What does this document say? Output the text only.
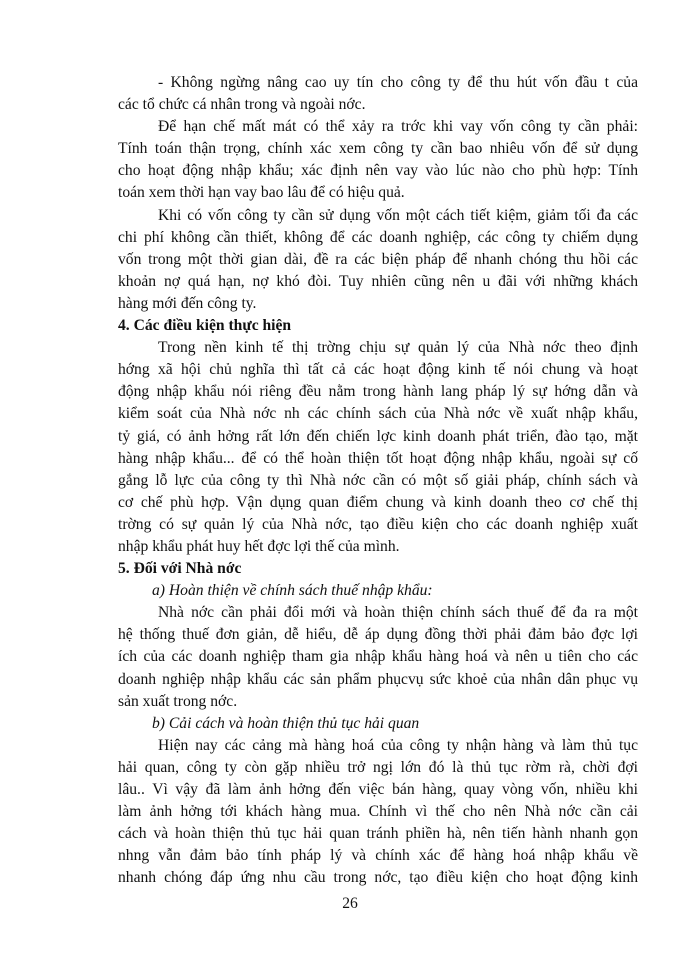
- Không ngừng nâng cao uy tín cho công ty để thu hút vốn đầu t của
các tổ chức cá nhân trong và ngoài nớc.
Để hạn chế mất mát có thể xảy ra trớc khi vay vốn công ty cần phải:
Tính toán thận trọng, chính xác xem công ty cần bao nhiêu vốn để sử dụng
cho hoạt động nhập khẩu; xác định nên vay vào lúc nào cho phù hợp: Tính
toán xem thời hạn vay bao lâu để có hiệu quả.
Khi có vốn công ty cần sử dụng vốn một cách tiết kiệm, giảm tối đa các
chi phí không cần thiết, không để các doanh nghiệp, các công ty chiếm dụng
vốn trong một thời gian dài, đề ra các biện pháp để nhanh chóng thu hồi các
khoản nợ quá hạn, nợ khó đòi. Tuy nhiên cũng nên u đãi với những khách
hàng mới đến công ty.
4. Các điều kiện thực hiện
Trong nền kinh tế thị trờng chịu sự quản lý của Nhà nớc theo định
hớng xã hội chủ nghĩa thì tất cả các hoạt động kinh tế nói chung và hoạt
động nhập khẩu nói riêng đều nằm trong hành lang pháp lý sự hớng dẫn và
kiểm soát của Nhà nớc nh các chính sách của Nhà nớc về xuất nhập khẩu,
tỷ giá, có ảnh hởng rất lớn đến chiến lợc kinh doanh phát triển, đào tạo, mặt
hàng nhập khẩu... để có thể hoàn thiện tốt hoạt động nhập khẩu, ngoài sự cố
gắng lỗ lực của công ty thì Nhà nớc cần có một số giải pháp, chính sách và
cơ chế phù hợp. Vận dụng quan điểm chung và kinh doanh theo cơ chế thị
trờng có sự quản lý của Nhà nớc, tạo điều kiện cho các doanh nghiệp xuất
nhập khẩu phát huy hết đợc lợi thế của mình.
5. Đối với Nhà nớc
a) Hoàn thiện về chính sách thuế nhập khẩu:
Nhà nớc cần phải đổi mới và hoàn thiện chính sách thuế để đa ra một
hệ thống thuế đơn giản, dễ hiểu, dễ áp dụng đồng thời phải đảm bảo đợc lợi
ích của các doanh nghiệp tham gia nhập khẩu hàng hoá và nên u tiên cho các
doanh nghiệp nhập khẩu các sản phẩm phụcvụ sức khoẻ của nhân dân phục vụ
sản xuất trong nớc.
b) Cải cách và hoàn thiện thủ tục hải quan
Hiện nay các cảng mà hàng hoá của công ty nhận hàng và làm thủ tục
hải quan, công ty còn gặp nhiều trở ngị lớn đó là thủ tục rờm rà, chời đợi
lâu.. Vì vậy đã làm ảnh hởng đến việc bán hàng, quay vòng vốn, nhiều khi
làm ảnh hởng tới khách hàng mua. Chính vì thế cho nên Nhà nớc cần cải
cách và hoàn thiện thủ tục hải quan tránh phiền hà, nên tiến hành nhanh gọn
nhng vẫn đảm bảo tính pháp lý và chính xác để hàng hoá nhập khẩu về
nhanh chóng đáp ứng nhu cầu trong nớc, tạo điều kiện cho hoạt động kinh
26
